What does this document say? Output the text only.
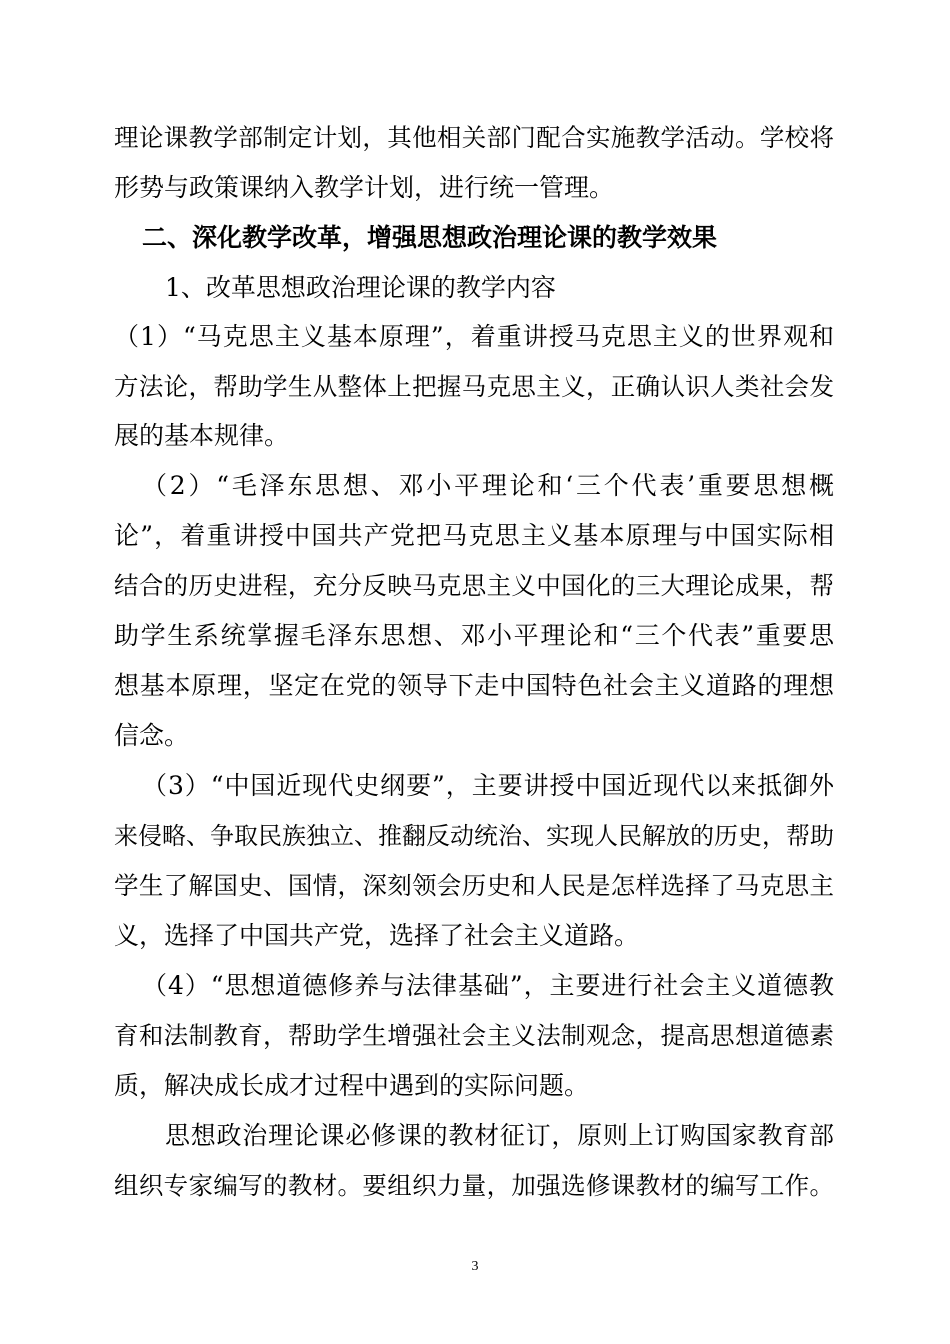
理论课教学部制定计划，其他相关部门配合实施教学活动。学校将
形势与政策课纳入教学计划，进行统一管理。
二、深化教学改革，增强思想政治理论课的教学效果
1、改革思想政治理论课的教学内容
（1）“马克思主义基本原理”，着重讲授马克思主义的世界观和
方法论，帮助学生从整体上把握马克思主义，正确认识人类社会发
展的基本规律。
（2）“毛泽东思想、邓小平理论和‘三个代表’重要思想概
论”，着重讲授中国共产党把马克思主义基本原理与中国实际相
结合的历史进程，充分反映马克思主义中国化的三大理论成果，帮
助学生系统掌握毛泽东思想、邓小平理论和“三个代表”重要思
想基本原理，坚定在党的领导下走中国特色社会主义道路的理想
信念。
（3）“中国近现代史纲要”，主要讲授中国近现代以来抵御外
来侵略、争取民族独立、推翻反动统治、实现人民解放的历史，帮助
学生了解国史、国情，深刻领会历史和人民是怎样选择了马克思主
义，选择了中国共产党，选择了社会主义道路。
（4）“思想道德修养与法律基础”，主要进行社会主义道德教
育和法制教育，帮助学生增强社会主义法制观念，提高思想道德素
质，解决成长成才过程中遇到的实际问题。
思想政治理论课必修课的教材征订，原则上订购国家教育部
组织专家编写的教材。要组织力量，加强选修课教材的编写工作。
3
